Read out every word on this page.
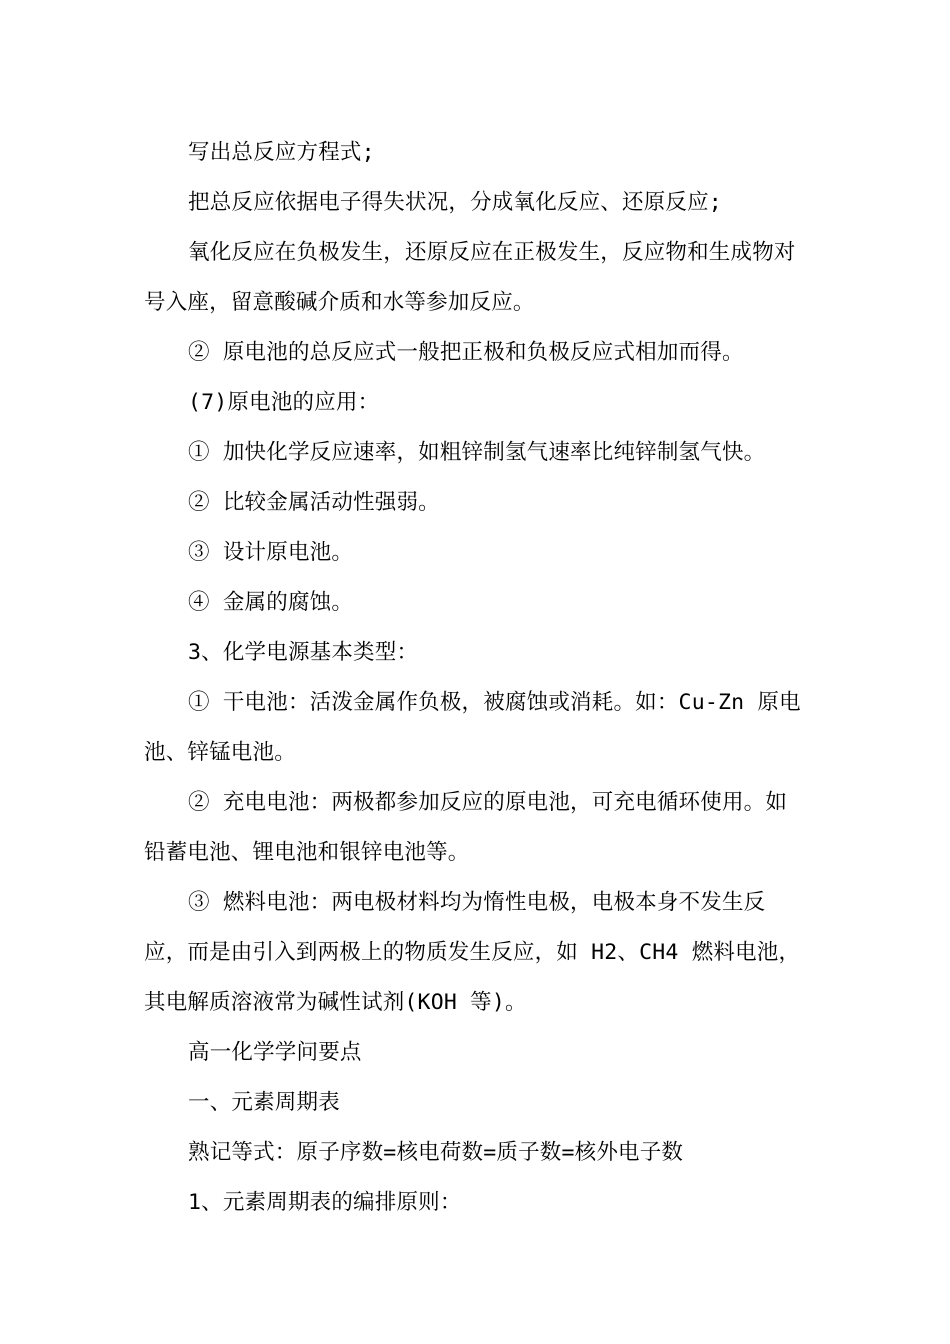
写出总反应方程式;

把总反应依据电子得失状况，分成氧化反应、还原反应;

氧化反应在负极发生，还原反应在正极发生，反应物和生成物对号入座，留意酸碱介质和水等参加反应。

② 原电池的总反应式一般把正极和负极反应式相加而得。

(7)原电池的应用：

① 加快化学反应速率，如粗锌制氢气速率比纯锌制氢气快。

② 比较金属活动性强弱。

③ 设计原电池。

④ 金属的腐蚀。

3、化学电源基本类型：

① 干电池：活泼金属作负极，被腐蚀或消耗。如：Cu-Zn 原电池、锌锰电池。

② 充电电池：两极都参加反应的原电池，可充电循环使用。如铅蓄电池、锂电池和银锌电池等。

③ 燃料电池：两电极材料均为惰性电极，电极本身不发生反应，而是由引入到两极上的物质发生反应，如 H2、CH4 燃料电池，其电解质溶液常为碱性试剂(KOH 等)。

高一化学学问要点

一、元素周期表

熟记等式：原子序数=核电荷数=质子数=核外电子数

1、元素周期表的编排原则：
